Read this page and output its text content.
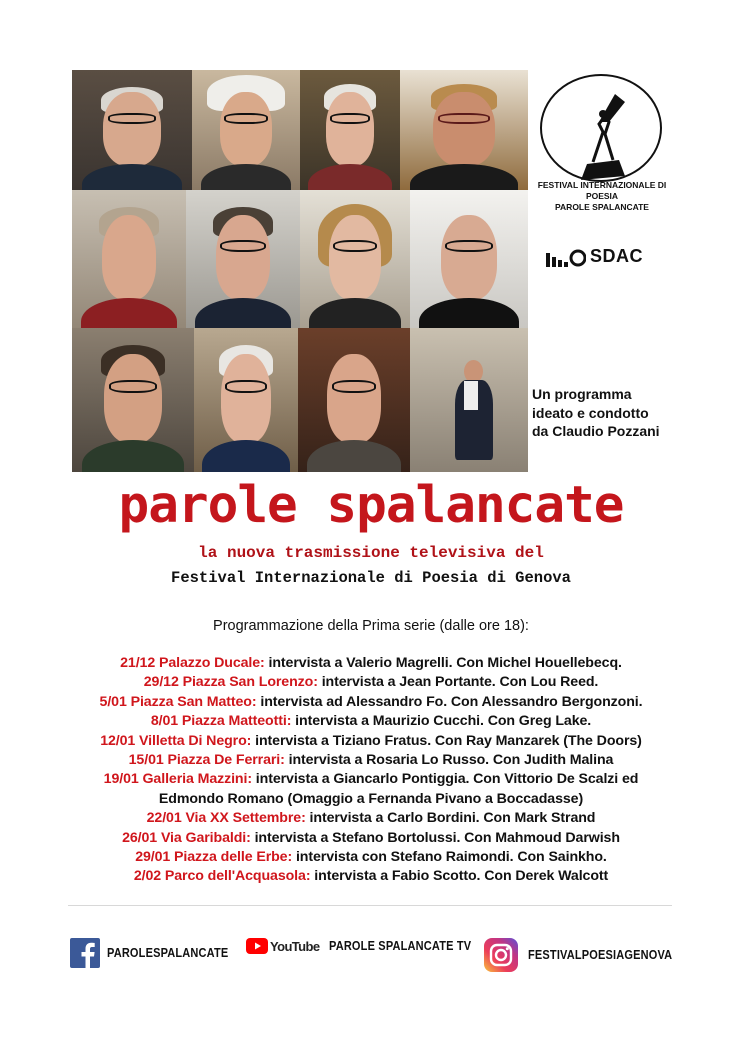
FESTIVAL INTERNAZIONALE DI POESIA
PAROLE SPALANCATE
SDAC
Un programma
ideato e condotto
da Claudio Pozzani
parole spalancate
la nuova trasmissione televisiva del
Festival Internazionale di Poesia di Genova
Programmazione della Prima serie (dalle ore 18):
21/12 Palazzo Ducale: intervista a Valerio Magrelli. Con Michel Houellebecq.
29/12 Piazza San Lorenzo: intervista a Jean Portante. Con Lou Reed.
5/01 Piazza San Matteo: intervista ad Alessandro Fo. Con Alessandro Bergonzoni.
8/01 Piazza Matteotti: intervista a Maurizio Cucchi. Con Greg Lake.
12/01 Villetta Di Negro: intervista a Tiziano Fratus. Con Ray Manzarek (The Doors)
15/01 Piazza De Ferrari: intervista a Rosaria Lo Russo. Con Judith Malina
19/01 Galleria Mazzini: intervista a Giancarlo Pontiggia. Con Vittorio De Scalzi ed
Edmondo Romano (Omaggio a Fernanda Pivano a Boccadasse)
22/01 Via XX Settembre: intervista a Carlo Bordini. Con Mark Strand
26/01 Via Garibaldi: intervista a Stefano Bortolussi. Con Mahmoud Darwish
29/01 Piazza delle Erbe: intervista con Stefano Raimondi. Con Sainkho.
2/02 Parco dell'Acquasola: intervista a Fabio Scotto. Con Derek Walcott
PAROLESPALANCATE	YouTube PAROLE SPALANCATE TV
FESTIVALPOESIAGENOVA
